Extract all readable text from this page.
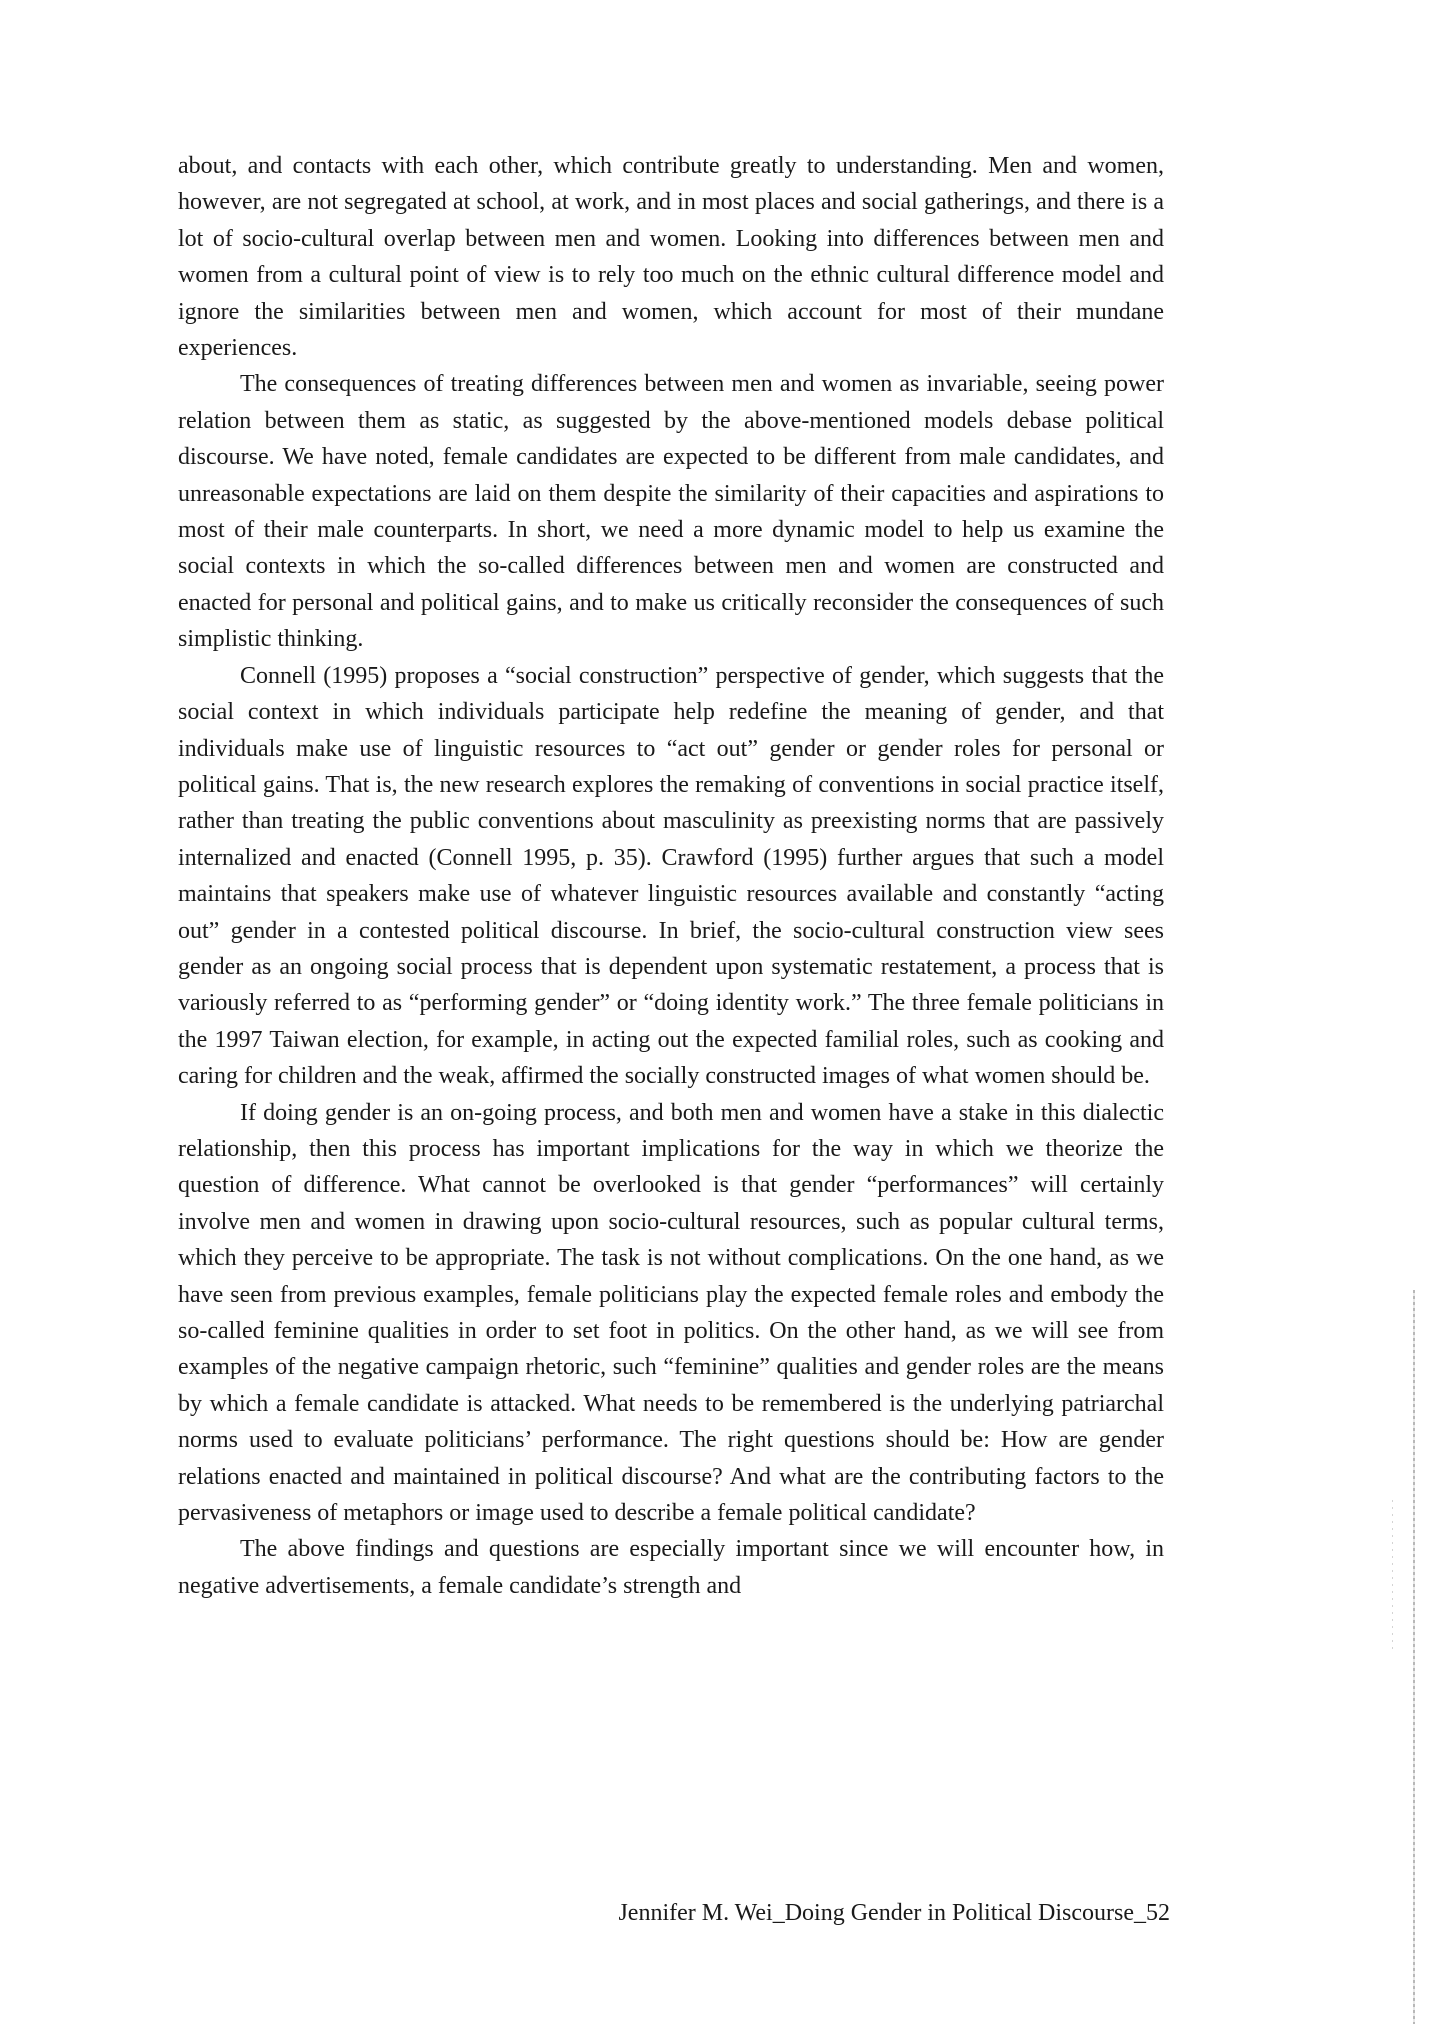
about, and contacts with each other, which contribute greatly to understanding. Men and women, however, are not segregated at school, at work, and in most places and social gatherings, and there is a lot of socio-cultural overlap between men and women. Looking into differences between men and women from a cultural point of view is to rely too much on the ethnic cultural difference model and ignore the similarities between men and women, which account for most of their mundane experiences.

The consequences of treating differences between men and women as invariable, seeing power relation between them as static, as suggested by the above-mentioned models debase political discourse. We have noted, female candidates are expected to be different from male candidates, and unreasonable expectations are laid on them despite the similarity of their capacities and aspirations to most of their male counterparts. In short, we need a more dynamic model to help us examine the social contexts in which the so-called differences between men and women are constructed and enacted for personal and political gains, and to make us critically reconsider the consequences of such simplistic thinking.

Connell (1995) proposes a “social construction” perspective of gender, which suggests that the social context in which individuals participate help redefine the meaning of gender, and that individuals make use of linguistic resources to “act out” gender or gender roles for personal or political gains. That is, the new research explores the remaking of conventions in social practice itself, rather than treating the public conventions about masculinity as preexisting norms that are passively internalized and enacted (Connell 1995, p. 35). Crawford (1995) further argues that such a model maintains that speakers make use of whatever linguistic resources available and constantly “acting out” gender in a contested political discourse. In brief, the socio-cultural construction view sees gender as an ongoing social process that is dependent upon systematic restatement, a process that is variously referred to as “performing gender” or “doing identity work.” The three female politicians in the 1997 Taiwan election, for example, in acting out the expected familial roles, such as cooking and caring for children and the weak, affirmed the socially constructed images of what women should be.

If doing gender is an on-going process, and both men and women have a stake in this dialectic relationship, then this process has important implications for the way in which we theorize the question of difference. What cannot be overlooked is that gender “performances” will certainly involve men and women in drawing upon socio-cultural resources, such as popular cultural terms, which they perceive to be appropriate. The task is not without complications. On the one hand, as we have seen from previous examples, female politicians play the expected female roles and embody the so-called feminine qualities in order to set foot in politics. On the other hand, as we will see from examples of the negative campaign rhetoric, such “feminine” qualities and gender roles are the means by which a female candidate is attacked. What needs to be remembered is the underlying patriarchal norms used to evaluate politicians’ performance. The right questions should be: How are gender relations enacted and maintained in political discourse? And what are the contributing factors to the pervasiveness of metaphors or image used to describe a female political candidate?

The above findings and questions are especially important since we will encounter how, in negative advertisements, a female candidate’s strength and

Jennifer M. Wei_Doing Gender in Political Discourse_52
